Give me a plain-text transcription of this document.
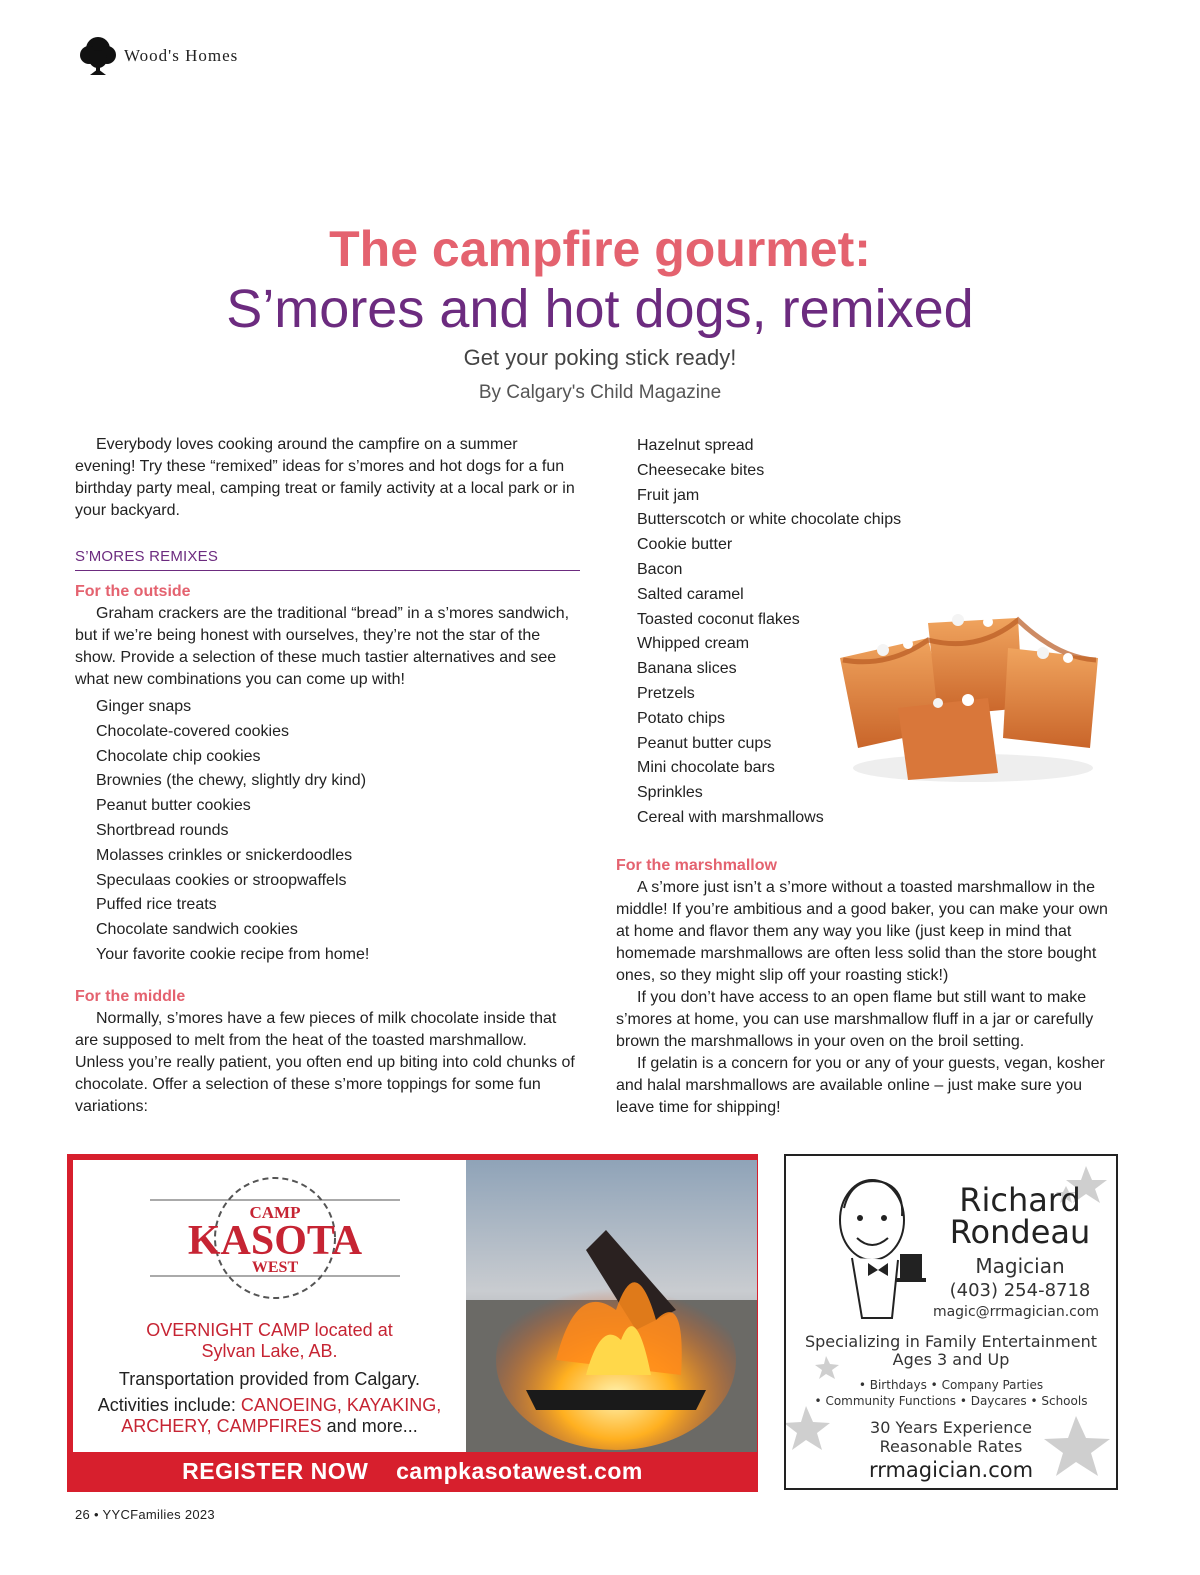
Wood's Homes
The campfire gourmet:
S’mores and hot dogs, remixed
Get your poking stick ready!
By Calgary's Child Magazine

Everybody loves cooking around the campfire on a summer evening! Try these “remixed” ideas for s’mores and hot dogs for a fun birthday party meal, camping treat or family activity at a local park or in your backyard.

S’MORES REMIXES
For the outside

Graham crackers are the traditional “bread” in a s’mores sandwich, but if we’re being honest with ourselves, they’re not the star of the show. Provide a selection of these much tastier alternatives and see what new combinations you can come up with!

Ginger snaps
Chocolate-covered cookies
Chocolate chip cookies
Brownies (the chewy, slightly dry kind)
Peanut butter cookies
Shortbread rounds
Molasses crinkles or snickerdoodles
Speculaas cookies or stroopwaffels
Puffed rice treats
Chocolate sandwich cookies
Your favorite cookie recipe from home!
For the middle

Normally, s’mores have a few pieces of milk chocolate inside that are supposed to melt from the heat of the toasted marshmallow. Unless you’re really patient, you often end up biting into cold chunks of chocolate. Offer a selection of these s’more toppings for some fun variations:

Hazelnut spread
Cheesecake bites
Fruit jam
Butterscotch or white chocolate chips
Cookie butter
Bacon
Salted caramel
Toasted coconut flakes
Whipped cream
Banana slices
Pretzels
Potato chips
Peanut butter cups
Mini chocolate bars
Sprinkles
Cereal with marshmallows
For the marshmallow

A s’more just isn’t a s’more without a toasted marshmallow in the middle! If you’re ambitious and a good baker, you can make your own at home and flavor them any way you like (just keep in mind that homemade marshmallows are often less solid than the store bought ones, so they might slip off your roasting stick!)

If you don’t have access to an open flame but still want to make s’mores at home, you can use marshmallow fluff in a jar or carefully brown the marshmallows in your oven on the broil setting.

If gelatin is a concern for you or any of your guests, vegan, kosher and halal marshmallows are available online – just make sure you leave time for shipping!

CAMP
KASOTA
WEST
OVERNIGHT CAMP located at
Sylvan Lake, AB.
Transportation provided from Calgary.
Activities include: CANOEING, KAYAKING,
ARCHERY, CAMPFIRES and more...
REGISTER NOW campkasotawest.com
Richard
Rondeau
Magician
(403) 254-8718
magic@rrmagician.com
Specializing in Family Entertainment
Ages 3 and Up
• Birthdays • Company Parties
• Community Functions • Daycares • Schools
30 Years Experience
Reasonable Rates
rrmagician.com
26 • YYCFamilies 2023
